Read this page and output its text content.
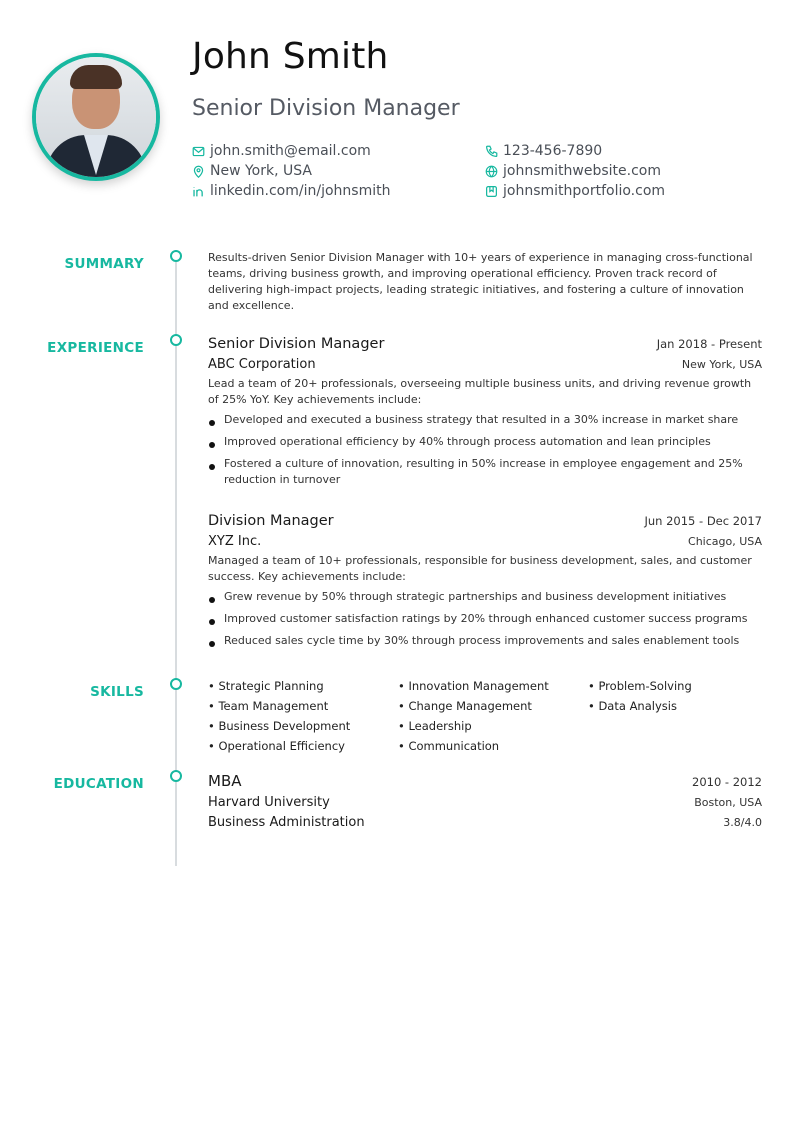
John Smith
Senior Division Manager
john.smith@email.com	123-456-7890
New York, USA	johnsmithwebsite.com
linkedin.com/in/johnsmith	johnsmithportfolio.com
SUMMARY
EXPERIENCE
SKILLS
EDUCATION

Results-driven Senior Division Manager with 10+ years of experience in managing cross-functional teams, driving business growth, and improving operational efficiency. Proven track record of delivering high-impact projects, leading strategic initiatives, and fostering a culture of innovation and excellence.

Senior Division Manager	Jan 2018 - Present
ABC Corporation	New York, USA

Lead a team of 20+ professionals, overseeing multiple business units, and driving revenue growth of 25% YoY. Key achievements include:

Developed and executed a business strategy that resulted in a 30% increase in market share
Improved operational efficiency by 40% through process automation and lean principles
Fostered a culture of innovation, resulting in 50% increase in employee engagement and 25% reduction in turnover
Division Manager	Jun 2015 - Dec 2017
XYZ Inc.	Chicago, USA

Managed a team of 10+ professionals, responsible for business development, sales, and customer success. Key achievements include:

Grew revenue by 50% through strategic partnerships and business development initiatives
Improved customer satisfaction ratings by 20% through enhanced customer success programs
Reduced sales cycle time by 30% through process improvements and sales enablement tools
• Strategic Planning	• Innovation Management	• Problem-Solving
• Team Management	• Change Management	• Data Analysis
• Business Development	• Leadership
• Operational Efficiency	• Communication
MBA	2010 - 2012
Harvard University	Boston, USA
Business Administration	3.8/4.0
